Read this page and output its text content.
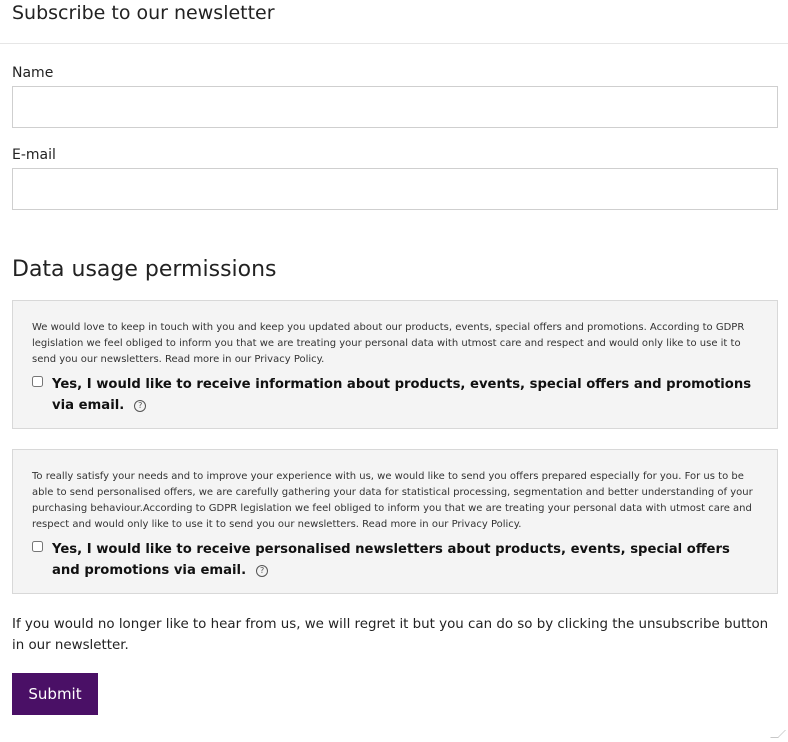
Subscribe to our newsletter
Name
E-mail
Data usage permissions

We would love to keep in touch with you and keep you updated about our products, events, special offers and promotions. According to GDPR legislation we feel obliged to inform you that we are treating your personal data with utmost care and respect and would only like to use it to send you our newsletters. Read more in our Privacy Policy.

Yes, I would like to receive information about products, events, special offers and promotions via email. ?

To really satisfy your needs and to improve your experience with us, we would like to send you offers prepared especially for you. For us to be able to send personalised offers, we are carefully gathering your data for statistical processing, segmentation and better understanding of your purchasing behaviour.According to GDPR legislation we feel obliged to inform you that we are treating your personal data with utmost care and respect and would only like to use it to send you our newsletters. Read more in our Privacy Policy.

Yes, I would like to receive personalised newsletters about products, events, special offers and promotions via email. ?

If you would no longer like to hear from us, we will regret it but you can do so by clicking the unsubscribe button in our newsletter.

Submit
